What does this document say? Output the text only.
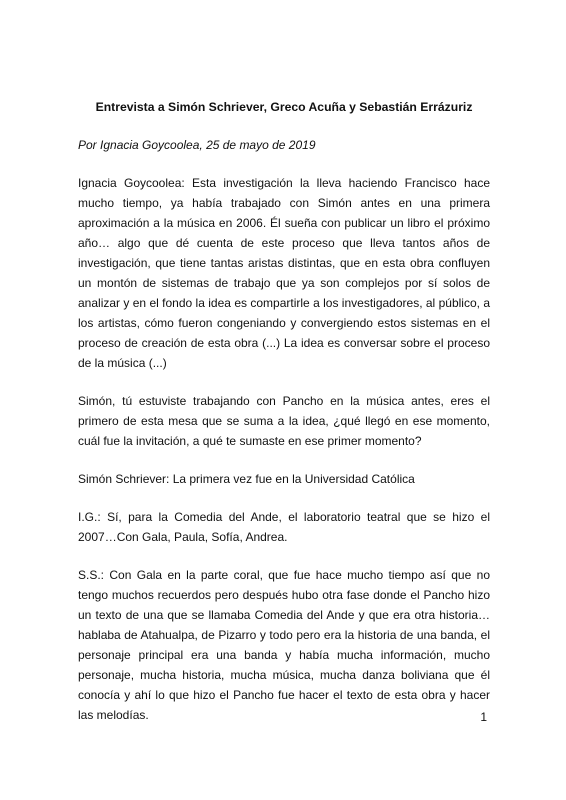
Entrevista a Simón Schriever, Greco Acuña y Sebastián Errázuriz
Por Ignacia Goycoolea, 25 de mayo de 2019

Ignacia Goycoolea: Esta investigación la lleva haciendo Francisco hace mucho tiempo, ya había trabajado con Simón antes en una primera aproximación a la música en 2006. Él sueña con publicar un libro el próximo año… algo que dé cuenta de este proceso que lleva tantos años de investigación, que tiene tantas aristas distintas, que en esta obra confluyen un montón de sistemas de trabajo que ya son complejos por sí solos de analizar y en el fondo la idea es compartirle a los investigadores, al público, a los artistas, cómo fueron congeniando y convergiendo estos sistemas en el proceso de creación de esta obra (...) La idea es conversar sobre el proceso de la música (...)

Simón, tú estuviste trabajando con Pancho en la música antes, eres el primero de esta mesa que se suma a la idea, ¿qué llegó en ese momento, cuál fue la invitación, a qué te sumaste en ese primer momento?

Simón Schriever: La primera vez fue en la Universidad Católica

I.G.: Sí, para la Comedia del Ande, el laboratorio teatral que se hizo el 2007…Con Gala, Paula, Sofía, Andrea.

S.S.: Con Gala en la parte coral, que fue hace mucho tiempo así que no tengo muchos recuerdos pero después hubo otra fase donde el Pancho hizo un texto de una que se llamaba Comedia del Ande y que era otra historia…hablaba de Atahualpa, de Pizarro y todo pero era la historia de una banda, el personaje principal era una banda y había mucha información, mucho personaje, mucha historia, mucha música, mucha danza boliviana que él conocía y ahí lo que hizo el Pancho fue hacer el texto de esta obra y hacer las melodías.	1
